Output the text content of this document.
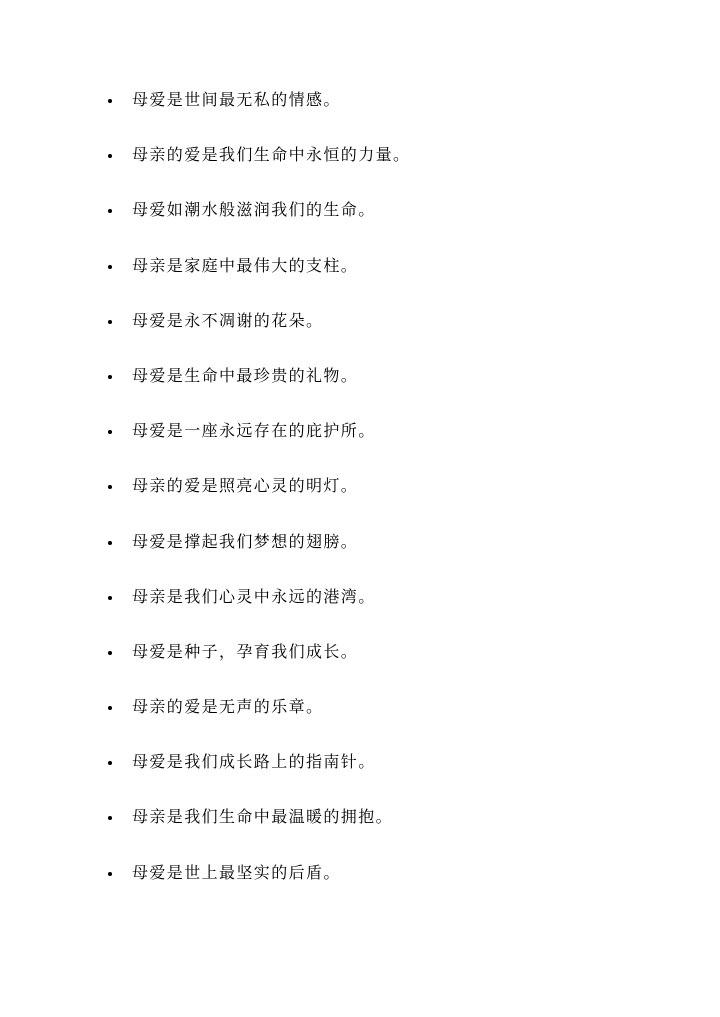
母爱是世间最无私的情感。
母亲的爱是我们生命中永恒的力量。
母爱如潮水般滋润我们的生命。
母亲是家庭中最伟大的支柱。
母爱是永不凋谢的花朵。
母爱是生命中最珍贵的礼物。
母爱是一座永远存在的庇护所。
母亲的爱是照亮心灵的明灯。
母爱是撑起我们梦想的翅膀。
母亲是我们心灵中永远的港湾。
母爱是种子，孕育我们成长。
母亲的爱是无声的乐章。
母爱是我们成长路上的指南针。
母亲是我们生命中最温暖的拥抱。
母爱是世上最坚实的后盾。
